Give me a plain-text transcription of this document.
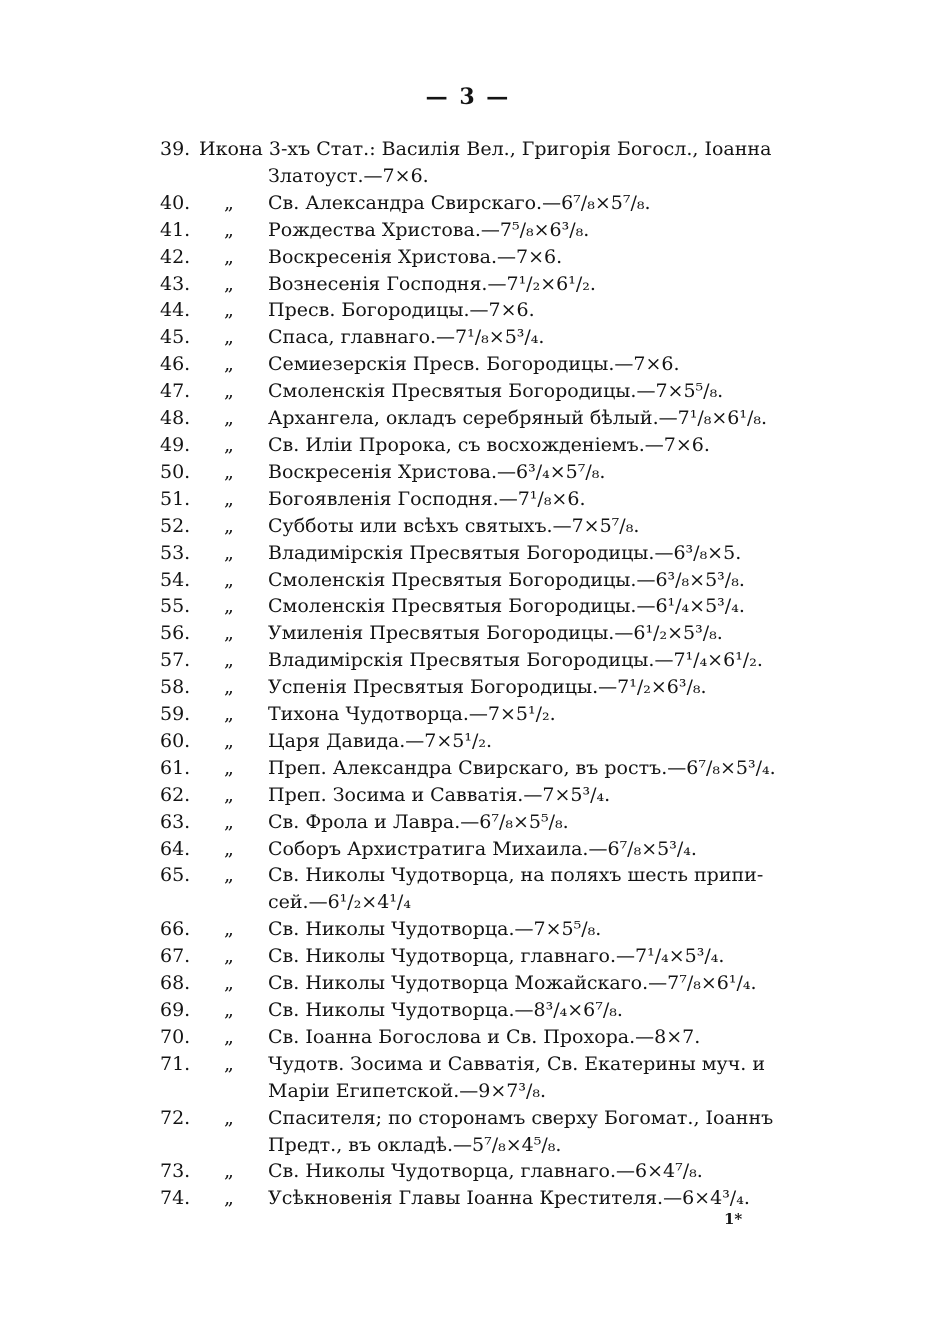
— 3 —
39. Икона 3-хъ Стат.: Василія Вел., Григорія Богосл., Іоанна
Златоуст.—7×6.
40. „ Св. Александра Свирскаго.—6⁷/₈×5⁷/₈.
41. „ Рождества Христова.—7⁵/₈×6³/₈.
42. „ Воскресенія Христова.—7×6.
43. „ Вознесенія Господня.—7¹/₂×6¹/₂.
44. „ Пресв. Богородицы.—7×6.
45. „ Спаса, главнаго.—7¹/₈×5³/₄.
46. „ Семиезерскія Пресв. Богородицы.—7×6.
47. „ Смоленскія Пресвятыя Богородицы.—7×5⁵/₈.
48. „ Архангела, окладъ серебряный бѣлый.—7¹/₈×6¹/₈.
49. „ Св. Иліи Пророка, съ восхожденіемъ.—7×6.
50. „ Воскресенія Христова.—6³/₄×5⁷/₈.
51. „ Богоявленія Господня.—7¹/₈×6.
52. „ Субботы или всѣхъ святыхъ.—7×5⁷/₈.
53. „ Владимірскія Пресвятыя Богородицы.—6³/₈×5.
54. „ Смоленскія Пресвятыя Богородицы.—6³/₈×5³/₈.
55. „ Смоленскія Пресвятыя Богородицы.—6¹/₄×5³/₄.
56. „ Умиленія Пресвятыя Богородицы.—6¹/₂×5³/₈.
57. „ Владимірскія Пресвятыя Богородицы.—7¹/₄×6¹/₂.
58. „ Успенія Пресвятыя Богородицы.—7¹/₂×6³/₈.
59. „ Тихона Чудотворца.—7×5¹/₂.
60. „ Царя Давида.—7×5¹/₂.
61. „ Преп. Александра Свирскаго, въ ростъ.—6⁷/₈×5³/₄.
62. „ Преп. Зосима и Савватія.—7×5³/₄.
63. „ Св. Фрола и Лавра.—6⁷/₈×5⁵/₈.
64. „ Соборъ Архистратига Михаила.—6⁷/₈×5³/₄.
65. „ Св. Николы Чудотворца, на поляхъ шесть припи-
сей.—6¹/₂×4¹/₄
66. „ Св. Николы Чудотворца.—7×5⁵/₈.
67. „ Св. Николы Чудотворца, главнаго.—7¹/₄×5³/₄.
68. „ Св. Николы Чудотворца Можайскаго.—7⁷/₈×6¹/₄.
69. „ Св. Николы Чудотворца.—8³/₄×6⁷/₈.
70. „ Св. Іоанна Богослова и Св. Прохора.—8×7.
71. „ Чудотв. Зосима и Савватія, Св. Екатерины муч. и
Маріи Египетской.—9×7³/₈.
72. „ Спасителя; по сторонамъ сверху Богомат., Іоаннъ
Предт., въ окладѣ.—5⁷/₈×4⁵/₈.
73. „ Св. Николы Чудотворца, главнаго.—6×4⁷/₈.
74. „ Усѣкновенія Главы Іоанна Крестителя.—6×4³/₄.
1*
